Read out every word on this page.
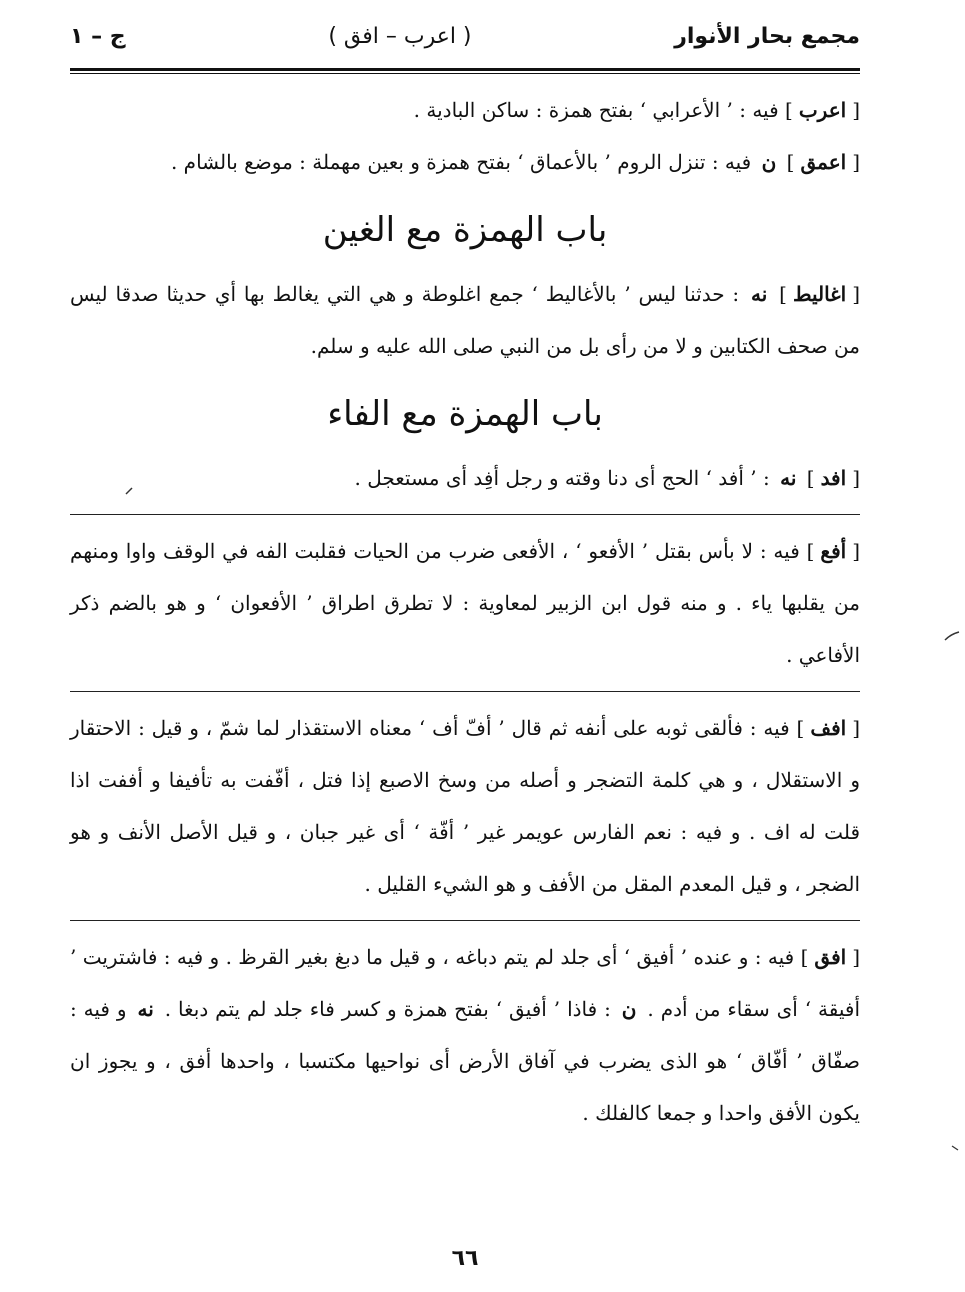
مجمع بحار الأنوار
( اعرب – افق )
ج – ۱

[اعرب] فيه : ’ الأعرابي ‘ بفتح همزة : ساكن البادية .

[اعمق] ن فيه : تنزل الروم ’ بالأعماق ‘ بفتح همزة و بعين مهملة : موضع بالشام .

باب الهمزة مع الغين

[اغاليط] نه : حدثنا ليس ’ بالأغاليط ‘ جمع اغلوطة و هي التي يغالط بها أي حديثا صدقا ليس من صحف الكتابين و لا من رأى بل من النبي صلى الله عليه و سلم.

باب الهمزة مع الفاء

[افد] نه : ’ أفد ‘ الحج أى دنا وقته و رجل أفِد أى مستعجل .

[أفع] فيه : لا بأس بقتل ’ الأفعو ‘ ، الأفعى ضرب من الحيات فقلبت الفه في الوقف واوا ومنهم من يقلبها ياء . و منه قول ابن الزبير لمعاوية : لا تطرق اطراق ’ الأفعوان ‘ و هو بالضم ذكر الأفاعي .

[افف] فيه : فألقى ثوبه على أنفه ثم قال ’ أفّ أف ‘ معناه الاستقذار لما شمّ ، و قيل : الاحتقار و الاستقلال ، و هي كلمة التضجر و أصله من وسخ الاصبع إذا فتل ، أفّفت به تأفيفا و أففت اذا قلت له اف . و فيه : نعم الفارس عويمر غير ’ أفّة ‘ أى غير جبان ، و قيل الأصل الأنف و هو الضجر ، و قيل المعدم المقل من الأفف و هو الشيء القليل .

[افق] فيه : و عنده ’ أفيق ‘ أى جلد لم يتم دباغه ، و قيل ما دبغ بغير القرظ . و فيه : فاشتريت ’ أفيقة ‘ أى سقاء من أدم . ن : فاذا ’ أفيق ‘ بفتح همزة و كسر فاء جلد لم يتم دبغا . نه و فيه : صفّاق ’ أفّاق ‘ هو الذى يضرب في آفاق الأرض أى نواحيها مكتسبا ، واحدها أفق ، و يجوز ان يكون الأفق واحدا و جمعا كالفلك .

٦٦
